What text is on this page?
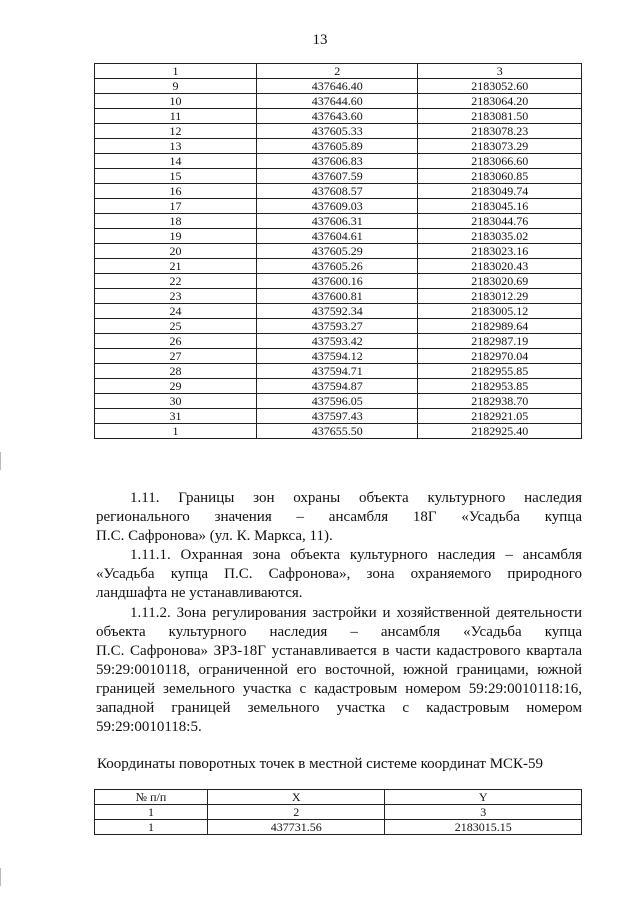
13
1	2	3
9	437646.40	2183052.60
10	437644.60	2183064.20
11	437643.60	2183081.50
12	437605.33	2183078.23
13	437605.89	2183073.29
14	437606.83	2183066.60
15	437607.59	2183060.85
16	437608.57	2183049.74
17	437609.03	2183045.16
18	437606.31	2183044.76
19	437604.61	2183035.02
20	437605.29	2183023.16
21	437605.26	2183020.43
22	437600.16	2183020.69
23	437600.81	2183012.29
24	437592.34	2183005.12
25	437593.27	2182989.64
26	437593.42	2182987.19
27	437594.12	2182970.04
28	437594.71	2182955.85
29	437594.87	2182953.85
30	437596.05	2182938.70
31	437597.43	2182921.05
1	437655.50	2182925.40
1.11. Границы зон охраны объекта культурного наследия
регионального значения – ансамбля 18Г «Усадьба купца
П.С. Сафронова» (ул. К. Маркса, 11).
1.11.1. Охранная зона объекта культурного наследия – ансамбля
«Усадьба купца П.С. Сафронова», зона охраняемого природного
ландшафта не устанавливаются.
1.11.2. Зона регулирования застройки и хозяйственной деятельности
объекта культурного наследия – ансамбля «Усадьба купца
П.С. Сафронова» ЗРЗ-18Г устанавливается в части кадастрового квартала
59:29:0010118, ограниченной его восточной, южной границами, южной
границей земельного участка с кадастровым номером 59:29:0010118:16,
западной границей земельного участка с кадастровым номером
59:29:0010118:5.
Координаты поворотных точек в местной системе координат МСК-59
№ п/п	X	Y
1	2	3
1	437731.56	2183015.15
